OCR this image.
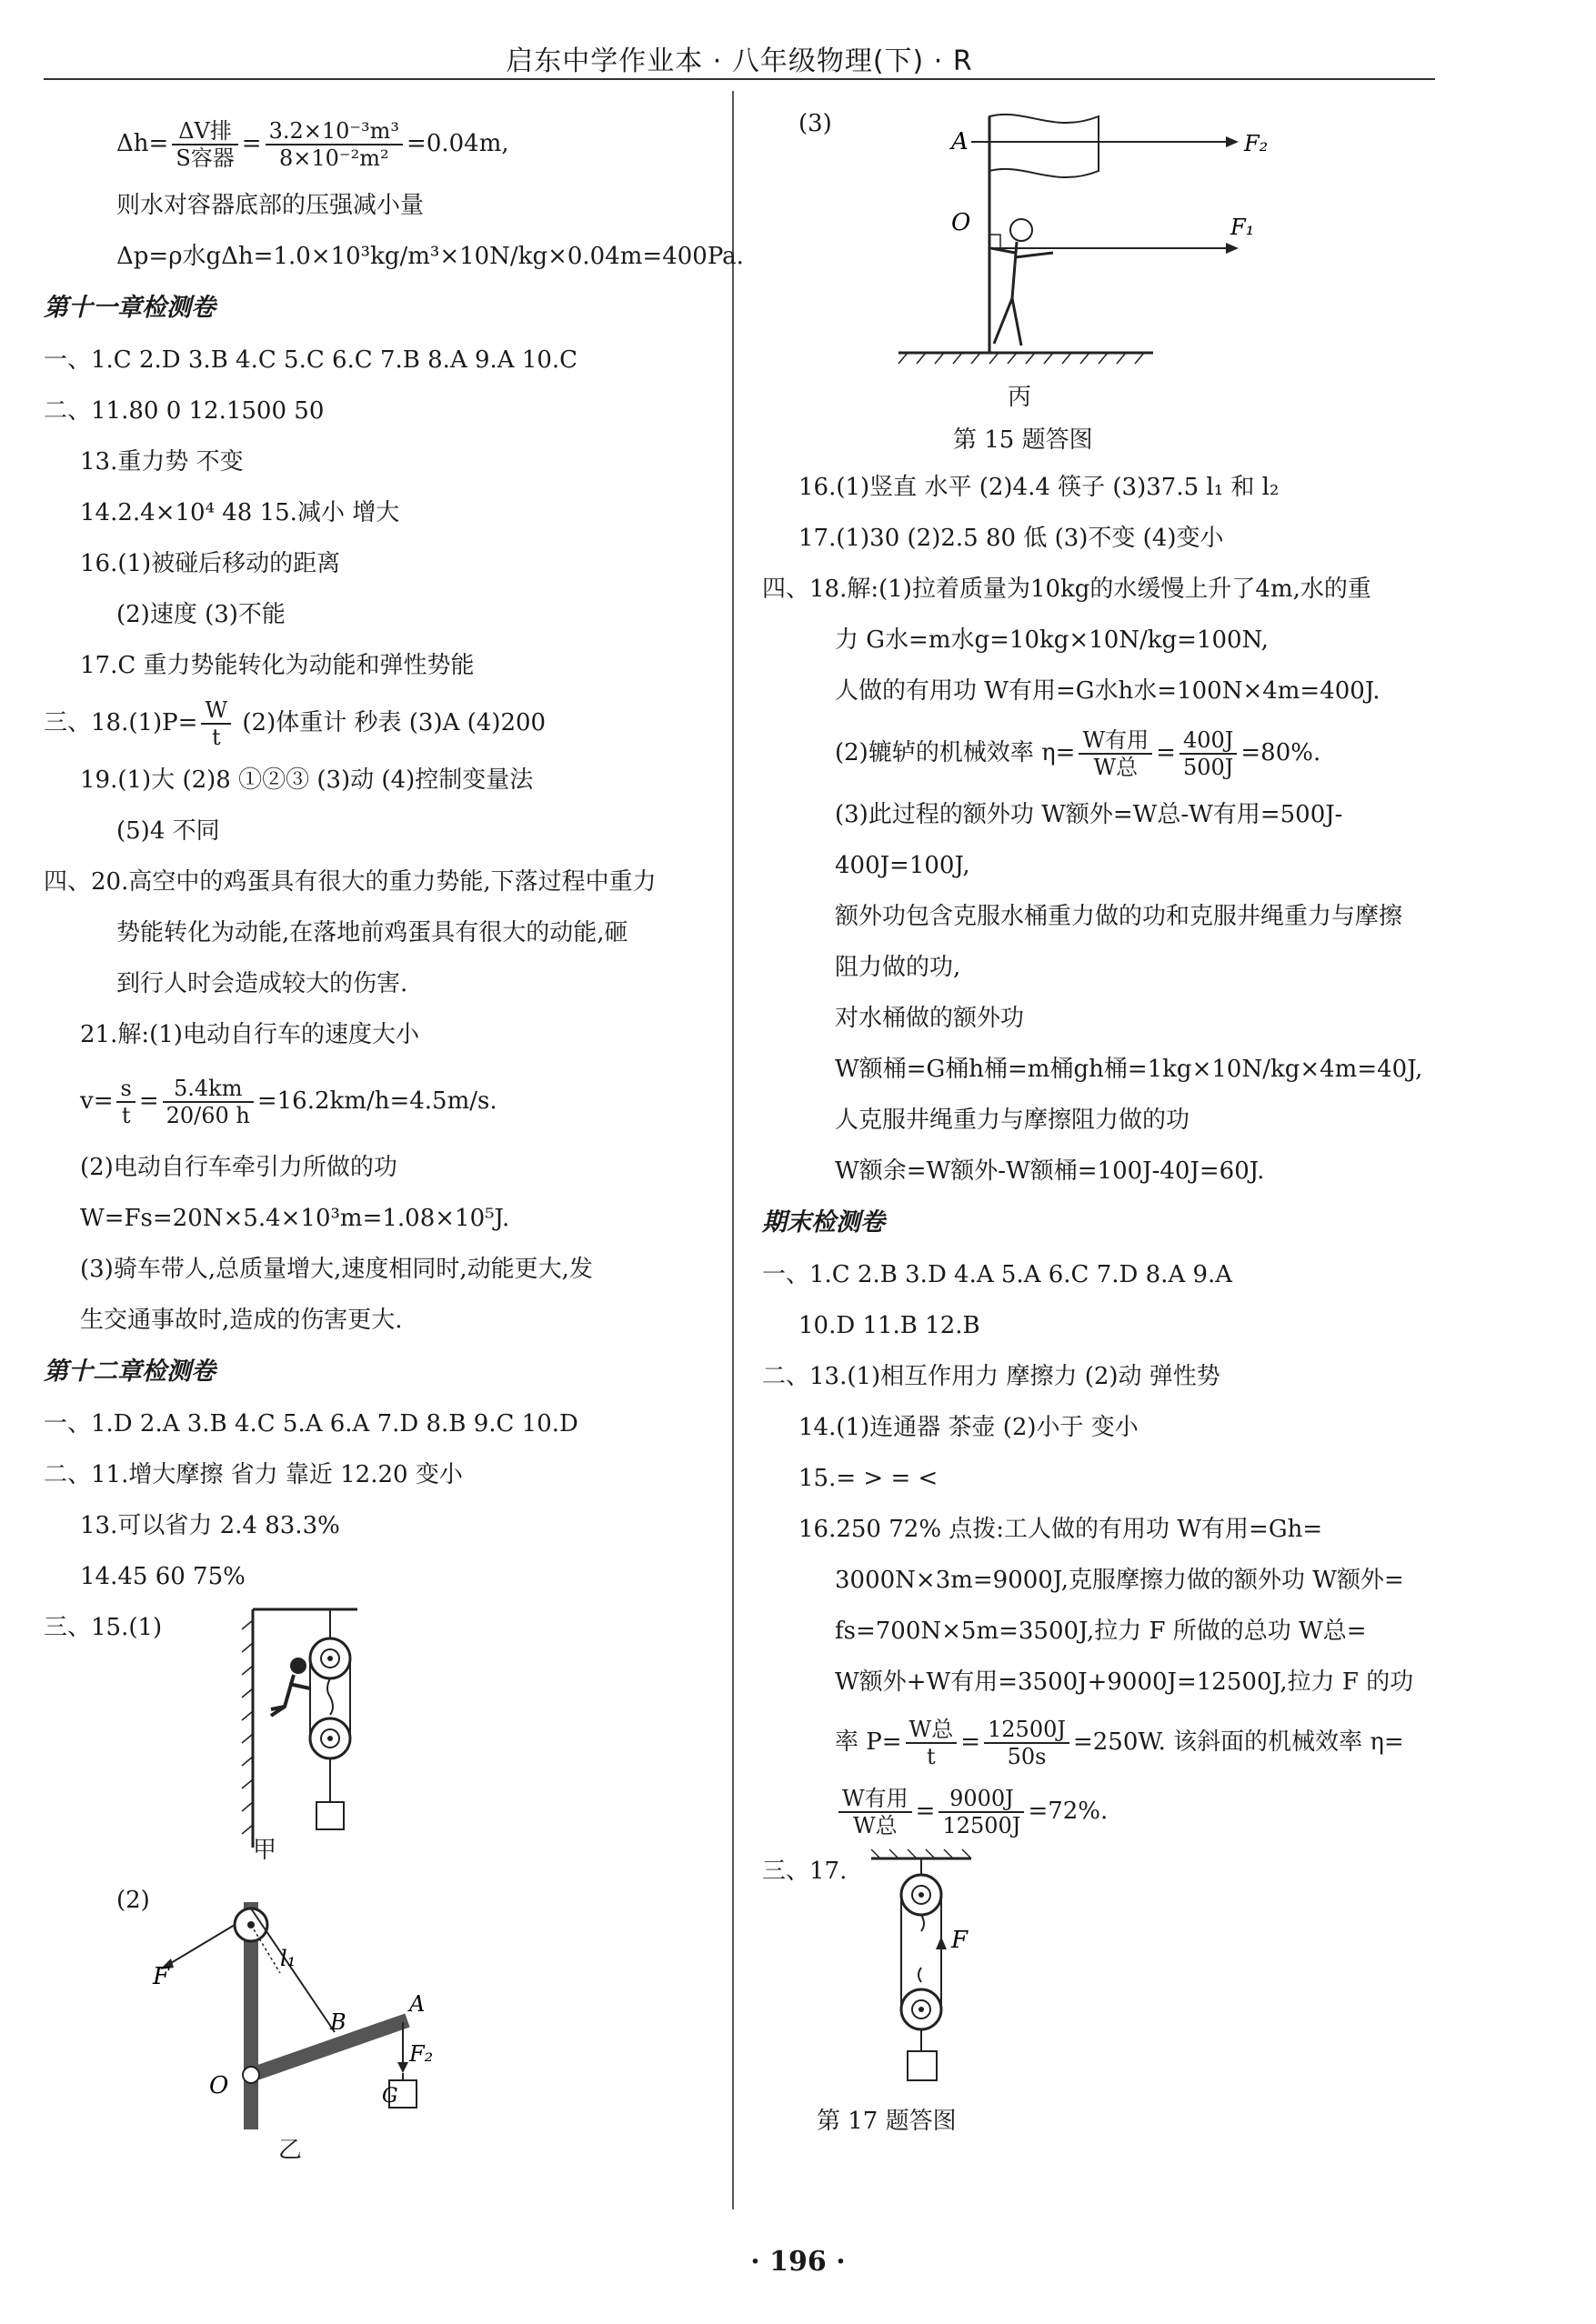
启东中学作业本 · 八年级物理(下) · R
$\Delta h= \frac{\text{ΔV排}}{\text{S容器}} = \frac{\text{3.2×10⁻³m³}}{\text{8×10⁻²m²}} =0.04m$,
则水对容器底部的压强减小量
Δp=ρ水gΔh=1.0×10³kg/m³×10N/kg×0.04m=400Pa.
第十一章检测卷
一、1.C 2.D 3.B 4.C 5.C 6.C 7.B 8.A 9.A 10.C
二、11.80 0 12.1500 50
13.重力势 不变
14.2.4×10⁴ 48 15.减小 增大
16.(1)被碰后移动的距离
(2)速度 (3)不能
17.C 重力势能转化为动能和弹性势能
三、$18.(1)P= \frac{W}{t} (2)$体重计 秒表 (3)A (4)200
19.(1)大 (2)8 ①②③ (3)动 (4)控制变量法
(5)4 不同
四、20.高空中的鸡蛋具有很大的重力势能,下落过程中重力
势能转化为动能,在落地前鸡蛋具有很大的动能,砸
到行人时会造成较大的伤害.
21.解:(1)电动自行车的速度大小
$v= \frac{s}{t} = \frac{5.4km}{20/60 h} =16.2km/h=4.5m/s$.
(2)电动自行车牵引力所做的功
W=Fs=20N×5.4×10³m=1.08×10⁵J.
(3)骑车带人,总质量增大,速度相同时,动能更大,发
生交通事故时,造成的伤害更大.
第十二章检测卷
一、1.D 2.A 3.B 4.C 5.A 6.A 7.D 8.B 9.C 10.D
二、11.增大摩擦 省力 靠近 12.20 变小
13.可以省力 2.4 83.3%
14.45 60 75%
三、15.(1)
甲
(2)
F
O
l₁
B
A
F₂
G
乙
(3)
A
O	F₁
F₂
丙
第 15 题答图
16.(1)竖直 水平 (2)4.4 筷子 (3)37.5 l₁ 和 l₂
17.(1)30 (2)2.5 80 低 (3)不变 (4)变小
四、18.解:(1)拉着质量为10kg的水缓慢上升了4m,水的重
力 G水=m水g=10kg×10N/kg=100N,
人做的有用功 W有用=G水h水=100N×4m=400J.
(2)辘轳的机械效率 $\eta= \frac{\text{W有用}}{\text{W总}} = \frac{400J}{500J} =80\%$.
(3)此过程的额外功 W额外=W总-W有用=500J-
400J=100J,
额外功包含克服水桶重力做的功和克服井绳重力与摩擦
阻力做的功,
对水桶做的额外功
W额桶=G桶h桶=m桶gh桶=1kg×10N/kg×4m=40J,
人克服井绳重力与摩擦阻力做的功
W额余=W额外-W额桶=100J-40J=60J.
期末检测卷
一、1.C 2.B 3.D 4.A 5.A 6.C 7.D 8.A 9.A
10.D 11.B 12.B
二、13.(1)相互作用力 摩擦力 (2)动 弹性势
14.(1)连通器 茶壶 (2)小于 变小
15.= > = <
16.250 72% 点拨:工人做的有用功 W有用=Gh=
3000N×3m=9000J,克服摩擦力做的额外功 W额外=
fs=700N×5m=3500J,拉力 F 所做的总功 W总=
W额外+W有用=3500J+9000J=12500J,拉力 F 的功
率 $P= \frac{\text{W总}}{t} = \frac{12500J}{50s} =250W$. 该斜面的机械效率 η=
$\frac{\text{W有用}}{\text{W总}} = \frac{9000J}{12500J} =72\%$.
三、17.
F
第 17 题答图
· 196 ·
